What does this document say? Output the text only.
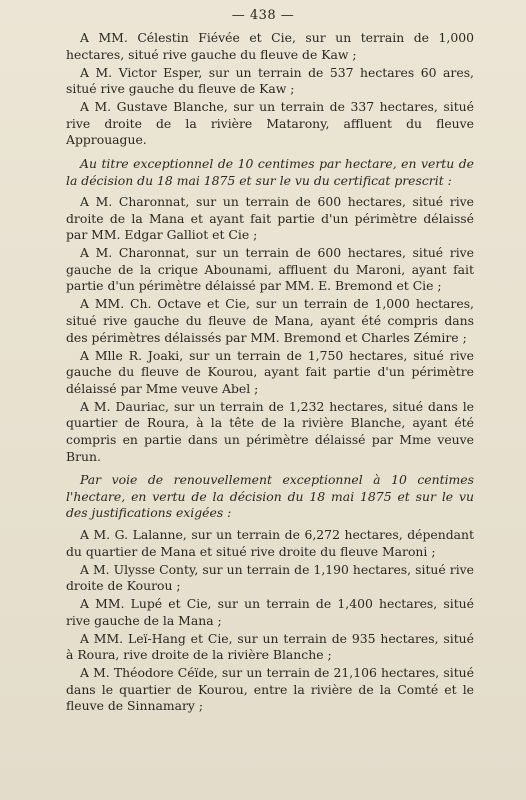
— 438 —

A MM. Célestin Fiévée et Cie, sur un terrain de 1,000 hectares, situé rive gauche du fleuve de Kaw ;

A M. Victor Esper, sur un terrain de 537 hectares 60 ares, situé rive gauche du fleuve de Kaw ;

A M. Gustave Blanche, sur un terrain de 337 hectares, situé rive droite de la rivière Matarony, affluent du fleuve Approuague.

Au titre exceptionnel de 10 centimes par hectare, en vertu de la décision du 18 mai 1875 et sur le vu du certificat prescrit :

A M. Charonnat, sur un terrain de 600 hectares, situé rive droite de la Mana et ayant fait partie d'un périmètre délaissé par MM. Edgar Galliot et Cie ;

A M. Charonnat, sur un terrain de 600 hectares, situé rive gauche de la crique Abounami, affluent du Maroni, ayant fait partie d'un périmètre délaissé par MM. E. Bremond et Cie ;

A MM. Ch. Octave et Cie, sur un terrain de 1,000 hectares, situé rive gauche du fleuve de Mana, ayant été compris dans des périmètres délaissés par MM. Bremond et Charles Zémire ;

A Mlle R. Joaki, sur un terrain de 1,750 hectares, situé rive gauche du fleuve de Kourou, ayant fait partie d'un périmètre délaissé par Mme veuve Abel ;

A M. Dauriac, sur un terrain de 1,232 hectares, situé dans le quartier de Roura, à la tête de la rivière Blanche, ayant été compris en partie dans un périmètre délaissé par Mme veuve Brun.

Par voie de renouvellement exceptionnel à 10 centimes l'hectare, en vertu de la décision du 18 mai 1875 et sur le vu des justifications exigées :

A M. G. Lalanne, sur un terrain de 6,272 hectares, dépendant du quartier de Mana et situé rive droite du fleuve Maroni ;

A M. Ulysse Conty, sur un terrain de 1,190 hectares, situé rive droite de Kourou ;

A MM. Lupé et Cie, sur un terrain de 1,400 hectares, situé rive gauche de la Mana ;

A MM. Leï-Hang et Cie, sur un terrain de 935 hectares, situé à Roura, rive droite de la rivière Blanche ;

A M. Théodore Céïde, sur un terrain de 21,106 hectares, situé dans le quartier de Kourou, entre la rivière de la Comté et le fleuve de Sinnamary ;
